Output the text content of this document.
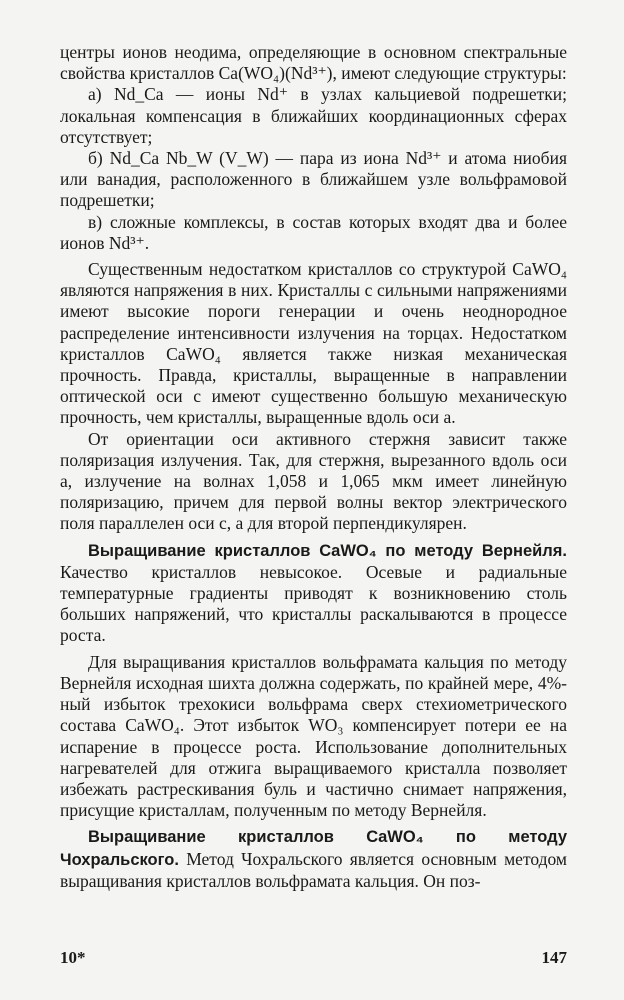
центры ионов неодима, определяющие в основном спектральные свойства кристаллов Ca(WO₄)(Nd³⁺), имеют следующие структуры:

а) Nd_Ca — ионы Nd⁺ в узлах кальциевой подрешетки; локальная компенсация в ближайших координационных сферах отсутствует;

б) Nd_Ca Nb_W (V_W) — пара из иона Nd³⁺ и атома ниобия или ванадия, расположенного в ближайшем узле вольфрамовой подрешетки;

в) сложные комплексы, в состав которых входят два и более ионов Nd³⁺.

Существенным недостатком кристаллов со структурой CaWO₄ являются напряжения в них. Кристаллы с сильными напряжениями имеют высокие пороги генерации и очень неоднородное распределение интенсивности излучения на торцах. Недостатком кристаллов CaWO₄ является также низкая механическая прочность. Правда, кристаллы, выращенные в направлении оптической оси c имеют существенно большую механическую прочность, чем кристаллы, выращенные вдоль оси a.

От ориентации оси активного стержня зависит также поляризация излучения. Так, для стержня, вырезанного вдоль оси a, излучение на волнах 1,058 и 1,065 мкм имеет линейную поляризацию, причем для первой волны вектор электрического поля параллелен оси c, а для второй перпендикулярен.

Выращивание кристаллов CaWO₄ по методу Вернейля. Качество кристаллов невысокое. Осевые и радиальные температурные градиенты приводят к возникновению столь больших напряжений, что кристаллы раскалываются в процессе роста.

Для выращивания кристаллов вольфрамата кальция по методу Вернейля исходная шихта должна содержать, по крайней мере, 4%-ный избыток трехокиси вольфрама сверх стехиометрического состава CaWO₄. Этот избыток WO₃ компенсирует потери ее на испарение в процессе роста. Использование дополнительных нагревателей для отжига выращиваемого кристалла позволяет избежать растрескивания буль и частично снимает напряжения, присущие кристаллам, полученным по методу Вернейля.

Выращивание кристаллов CaWO₄ по методу Чохральского. Метод Чохральского является основным методом выращивания кристаллов вольфрамата кальция. Он поз-

10*	147
